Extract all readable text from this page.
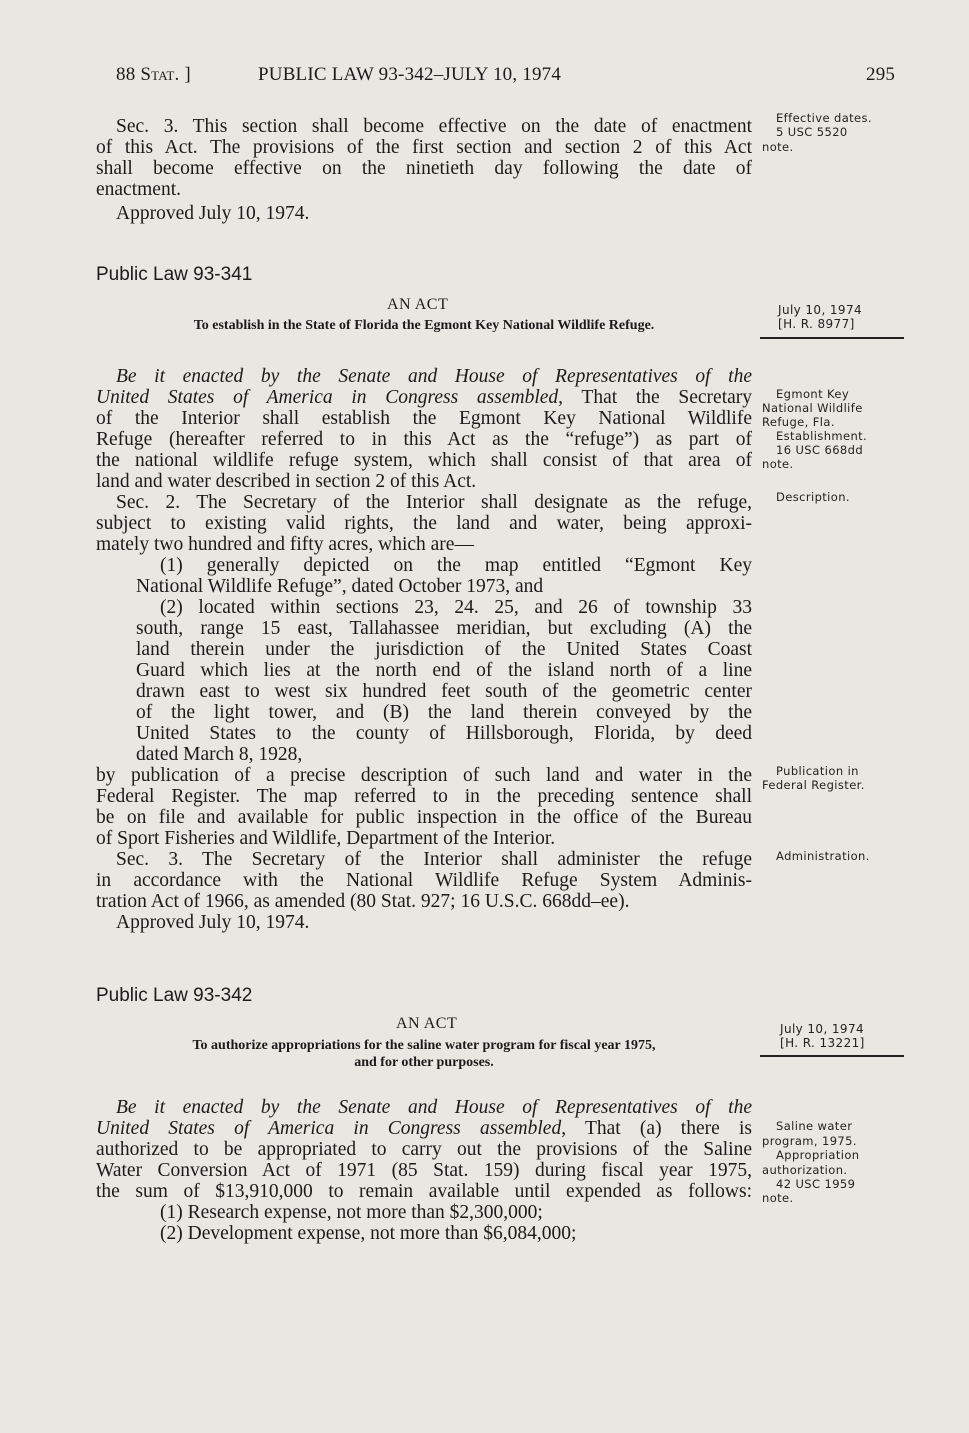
88 Stat. ]	PUBLIC LAW 93-342–JULY 10, 1974	295
Sec. 3. This section shall become effective on the date of enactment
of this Act. The provisions of the first section and section 2 of this Act
shall become effective on the ninetieth day following the date of
enactment.
Approved July 10, 1974.
Effective dates.
5 USC 5520
note.
Public Law 93-341
AN ACT
To establish in the State of Florida the Egmont Key National Wildlife Refuge.
July 10, 1974
[H. R. 8977]
Be it enacted by the Senate and House of Representatives of the
United States of America in Congress assembled, That the Secretary
of the Interior shall establish the Egmont Key National Wildlife
Refuge (hereafter referred to in this Act as the “refuge”) as part of
the national wildlife refuge system, which shall consist of that area of
land and water described in section 2 of this Act.
Egmont Key
National Wildlife
Refuge, Fla.
Establishment.
16 USC 668dd
note.
Sec. 2. The Secretary of the Interior shall designate as the refuge,
subject to existing valid rights, the land and water, being approxi-
mately two hundred and fifty acres, which are—
Description.
(1) generally depicted on the map entitled “Egmont Key
National Wildlife Refuge”, dated October 1973, and
(2) located within sections 23, 24. 25, and 26 of township 33
south, range 15 east, Tallahassee meridian, but excluding (A) the
land therein under the jurisdiction of the United States Coast
Guard which lies at the north end of the island north of a line
drawn east to west six hundred feet south of the geometric center
of the light tower, and (B) the land therein conveyed by the
United States to the county of Hillsborough, Florida, by deed
dated March 8, 1928,
by publication of a precise description of such land and water in the
Federal Register. The map referred to in the preceding sentence shall
be on file and available for public inspection in the office of the Bureau
of Sport Fisheries and Wildlife, Department of the Interior.
Publication in
Federal Register.
Sec. 3. The Secretary of the Interior shall administer the refuge
in accordance with the National Wildlife Refuge System Adminis-
tration Act of 1966, as amended (80 Stat. 927; 16 U.S.C. 668dd–ee).
Administration.
Approved July 10, 1974.
Public Law 93-342
AN ACT
To authorize appropriations for the saline water program for fiscal year 1975,
and for other purposes.
July 10, 1974
[H. R. 13221]
Be it enacted by the Senate and House of Representatives of the
United States of America in Congress assembled, That (a) there is
authorized to be appropriated to carry out the provisions of the Saline
Water Conversion Act of 1971 (85 Stat. 159) during fiscal year 1975,
the sum of $13,910,000 to remain available until expended as follows:
Saline water
program, 1975.
Appropriation
authorization.
42 USC 1959
note.
(1) Research expense, not more than $2,300,000;
(2) Development expense, not more than $6,084,000;
